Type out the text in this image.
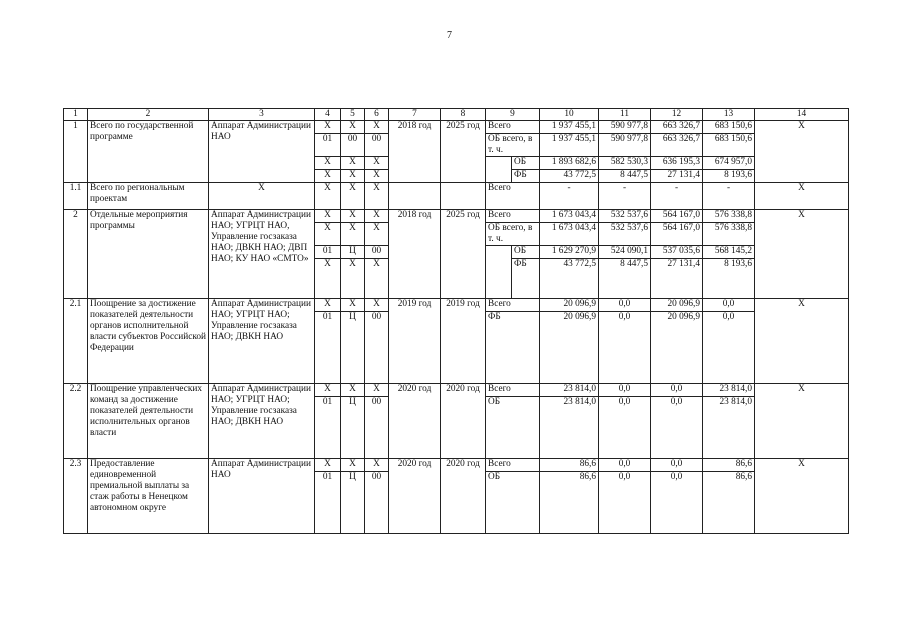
7
1	2	3	4	5	6	7	8	9		10	11	12	13	14
1	Всего по государственной программе	Аппарат Администрации НАО	Х	Х	Х	2018 год	2025 год	Всего		1 937 455,1	590 977,8	663 326,7	683 150,6	Х
			01	00	00			ОБ всего, в т. ч.		1 937 455,1	590 977,8	663 326,7	683 150,6	
			Х	Х	Х				ОБ	1 893 682,6	582 530,3	636 195,3	674 957,0	
			Х	Х	Х				ФБ	43 772,5	8 447,5	27 131,4	8 193,6	
1.1	Всего по региональным проектам	Х	Х	Х	Х			Всего		-	-	-	-	Х
2	Отдельные мероприятия программы	Аппарат Администрации НАО; УГРЦТ НАО, Управление госзаказа НАО; ДВКН НАО; ДВП НАО; КУ НАО «СМТО»	Х	Х	Х	2018 год	2025 год	Всего		1 673 043,4	532 537,6	564 167,0	576 338,8	Х
			Х	Х	Х			ОБ всего, в т. ч.		1 673 043,4	532 537,6	564 167,0	576 338,8	
			01	Ц	00				ОБ	1 629 270,9	524 090,1	537 035,6	568 145,2	
			Х	Х	Х				ФБ	43 772,5	8 447,5	27 131,4	8 193,6	
2.1	Поощрение за достижение показателей деятельности органов исполнительной власти субъектов Российской Федерации	Аппарат Администрации НАО; УГРЦТ НАО; Управление госзаказа НАО; ДВКН НАО	Х	Х	Х	2019 год	2019 год	Всего		20 096,9	0,0	20 096,9	0,0	Х
			01	Ц	00			ФБ		20 096,9	0,0	20 096,9	0,0	
2.2	Поощрение управленческих команд за достижение показателей деятельности исполнительных органов власти	Аппарат Администрации НАО; УГРЦТ НАО; Управление госзаказа НАО; ДВКН НАО	Х	Х	Х	2020 год	2020 год	Всего		23 814,0	0,0	0,0	23 814,0	Х
			01	Ц	00			ОБ		23 814,0	0,0	0,0	23 814,0	
2.3	Предоставление единовременной премиальной выплаты за стаж работы в Ненецком автономном округе	Аппарат Администрации НАО	Х	Х	Х	2020 год	2020 год	Всего		86,6	0,0	0,0	86,6	Х
			01	Ц	00			ОБ		86,6	0,0	0,0	86,6	
